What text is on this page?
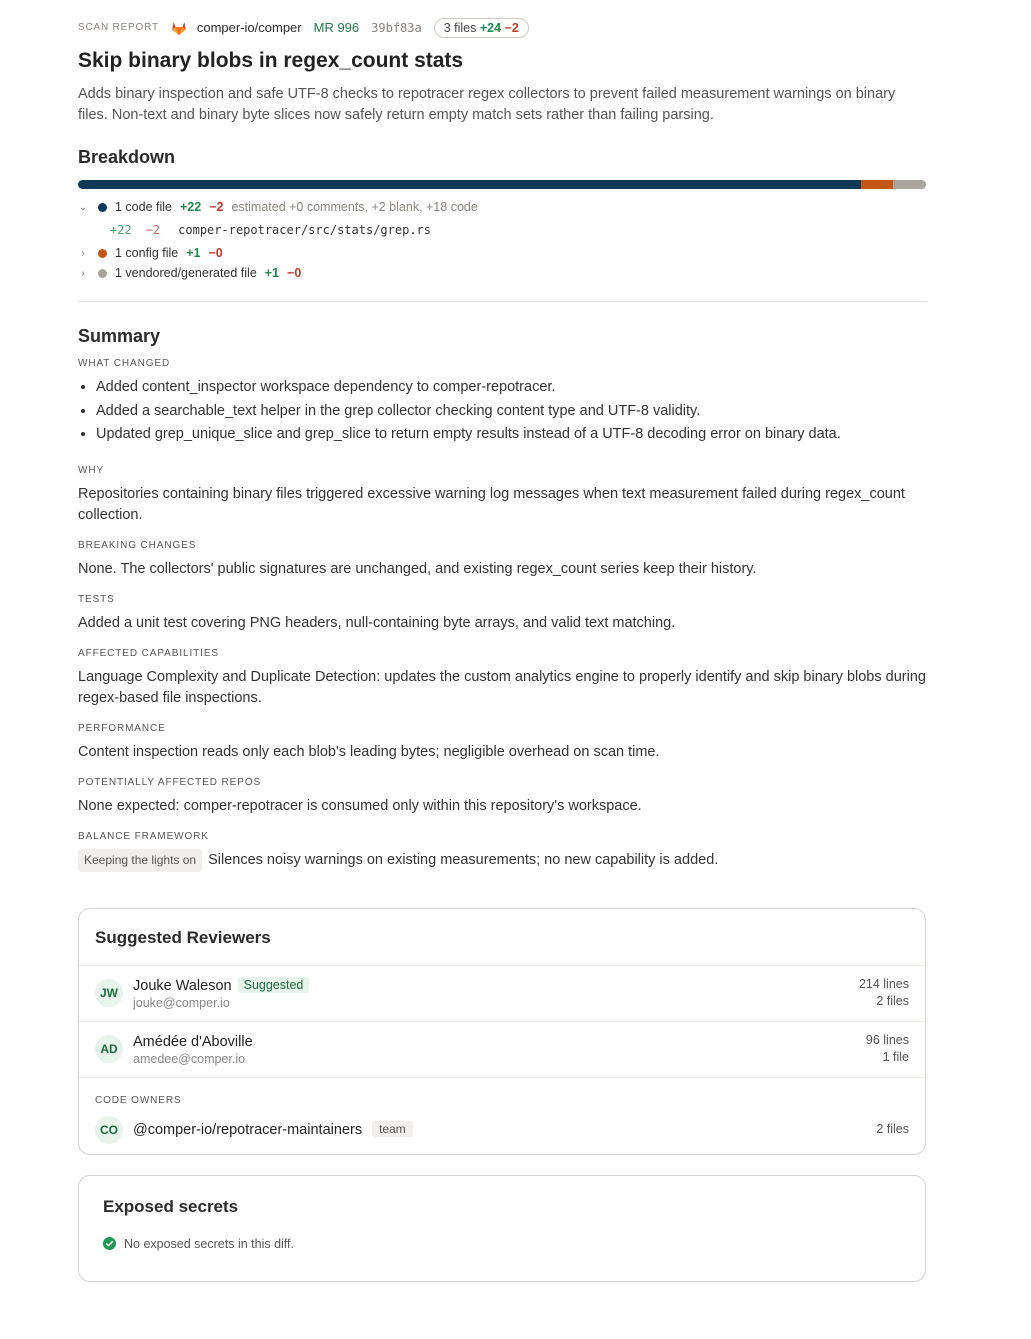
SCAN REPORT	comper-io/comper MR 996 39bf83a	3 files +24 −2
Skip binary blobs in regex_count stats

Adds binary inspection and safe UTF-8 checks to repotracer regex collectors to prevent failed measurement warnings on binary files. Non-text and binary byte slices now safely return empty match sets rather than failing parsing.

Breakdown
⌄ 1 code file +22 −2 estimated +0 comments, +2 blank, +18 code
+22 −2 comper-repotracer/src/stats/grep.rs
› 1 config file +1 −0
› 1 vendored/generated file +1 −0
Summary
WHAT CHANGED
• Added content_inspector workspace dependency to comper-repotracer.
• Added a searchable_text helper in the grep collector checking content type and UTF-8 validity.
• Updated grep_unique_slice and grep_slice to return empty results instead of a UTF-8 decoding error on binary data.
WHY

Repositories containing binary files triggered excessive warning log messages when text measurement failed during regex_count collection.

BREAKING CHANGES

None. The collectors' public signatures are unchanged, and existing regex_count series keep their history.

TESTS

Added a unit test covering PNG headers, null-containing byte arrays, and valid text matching.

AFFECTED CAPABILITIES

Language Complexity and Duplicate Detection: updates the custom analytics engine to properly identify and skip binary blobs during regex-based file inspections.

PERFORMANCE

Content inspection reads only each blob's leading bytes; negligible overhead on scan time.

POTENTIALLY AFFECTED REPOS

None expected: comper-repotracer is consumed only within this repository's workspace.

BALANCE FRAMEWORK

Keeping the lights on Silences noisy warnings on existing measurements; no new capability is added.

Suggested Reviewers
JW	Jouke Waleson Suggested
jouke@comper.io
214 lines
2 files
AD	Amédée d'Aboville
amedee@comper.io
96 lines
1 file
CODE OWNERS
CO	@comper-io/repotracer-maintainers team	2 files
Exposed secrets
No exposed secrets in this diff.
